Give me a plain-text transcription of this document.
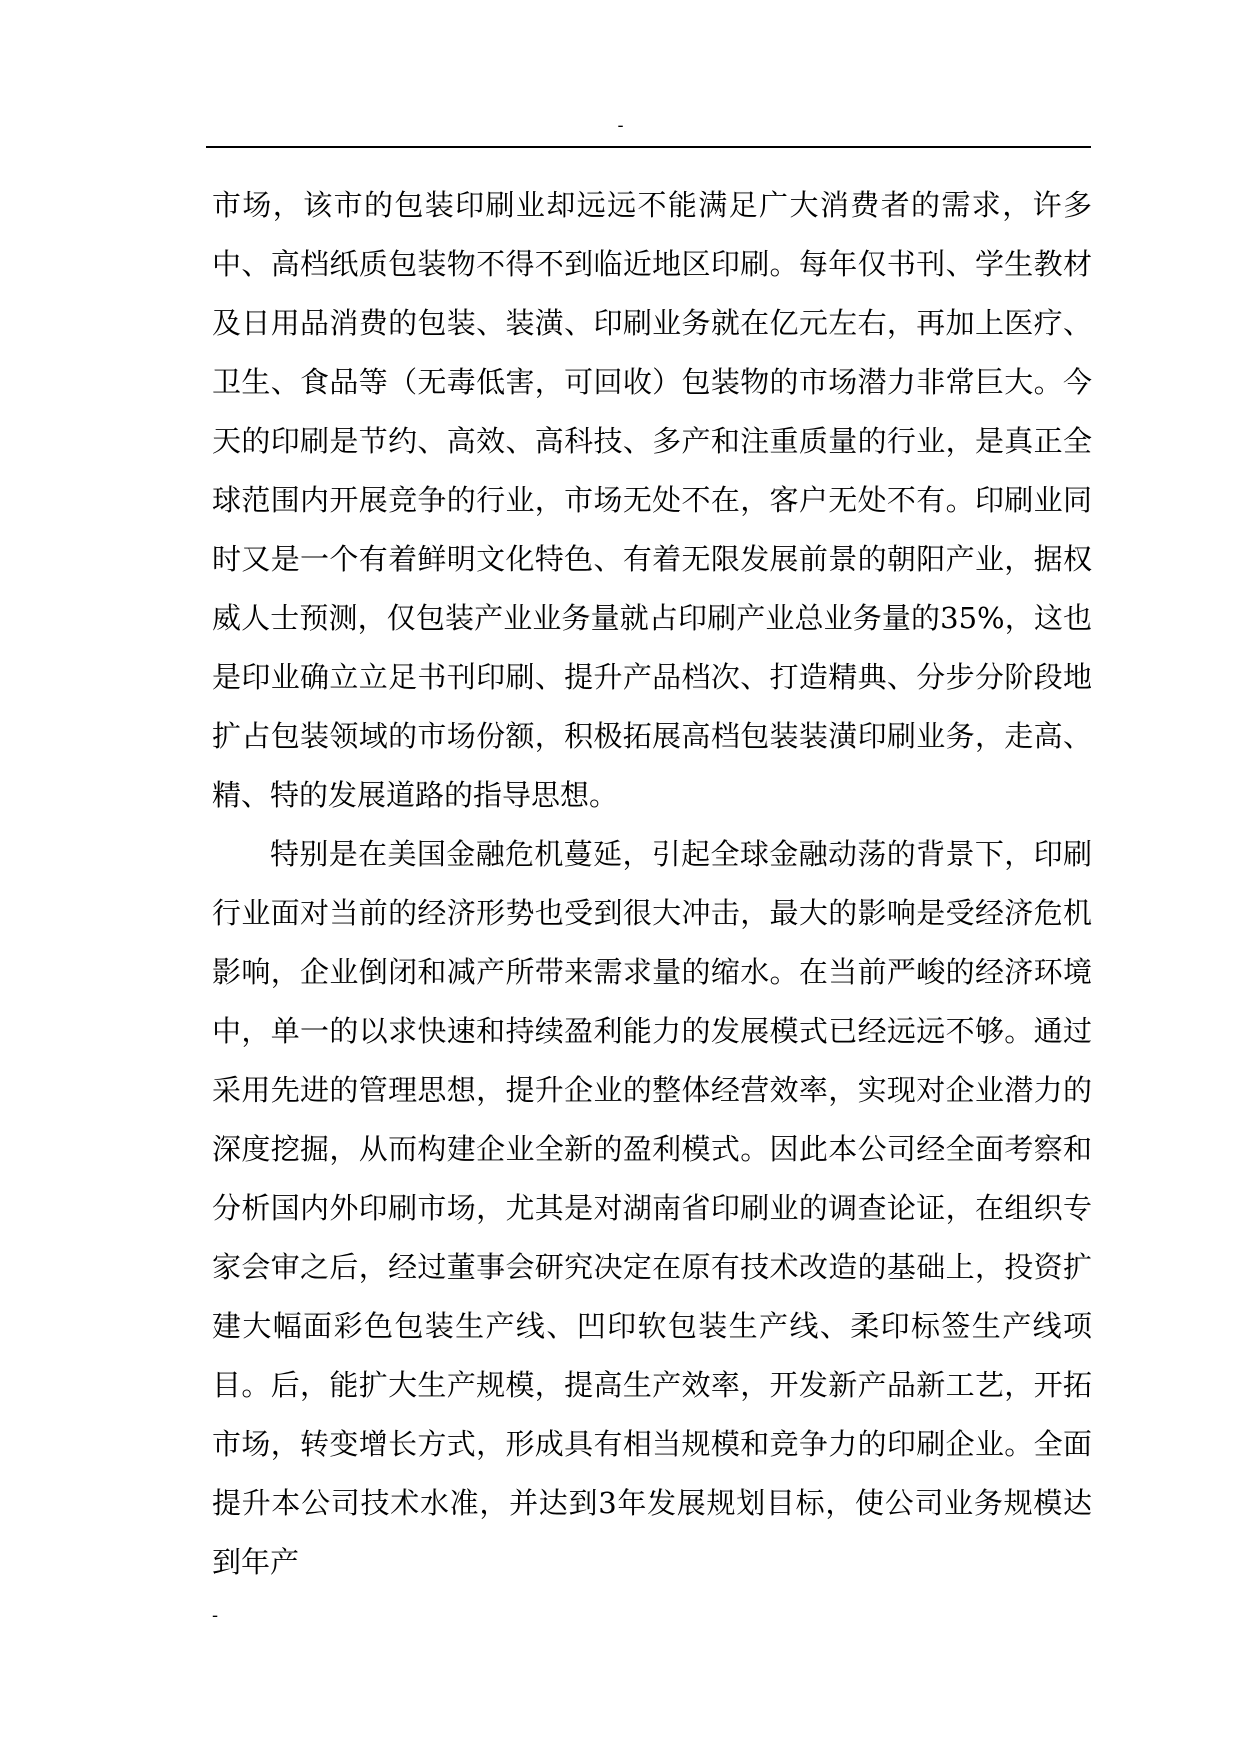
-

市场，该市的包装印刷业却远远不能满足广大消费者的需求，许多中、高档纸质包装物不得不到临近地区印刷。每年仅书刊、学生教材及日用品消费的包装、装潢、印刷业务就在亿元左右，再加上医疗、卫生、食品等（无毒低害，可回收）包装物的市场潜力非常巨大。今天的印刷是节约、高效、高科技、多产和注重质量的行业，是真正全球范围内开展竞争的行业，市场无处不在，客户无处不有。印刷业同时又是一个有着鲜明文化特色、有着无限发展前景的朝阳产业，据权威人士预测，仅包装产业业务量就占印刷产业总业务量的35%，这也是印业确立立足书刊印刷、提升产品档次、打造精典、分步分阶段地扩占包装领域的市场份额，积极拓展高档包装装潢印刷业务，走高、精、特的发展道路的指导思想。

特别是在美国金融危机蔓延，引起全球金融动荡的背景下，印刷行业面对当前的经济形势也受到很大冲击，最大的影响是受经济危机影响，企业倒闭和减产所带来需求量的缩水。在当前严峻的经济环境中，单一的以求快速和持续盈利能力的发展模式已经远远不够。通过采用先进的管理思想，提升企业的整体经营效率，实现对企业潜力的深度挖掘，从而构建企业全新的盈利模式。因此本公司经全面考察和分析国内外印刷市场，尤其是对湖南省印刷业的调查论证，在组织专家会审之后，经过董事会研究决定在原有技术改造的基础上，投资扩建大幅面彩色包装生产线、凹印软包装生产线、柔印标签生产线项目。后，能扩大生产规模，提高生产效率，开发新产品新工艺，开拓市场，转变增长方式，形成具有相当规模和竞争力的印刷企业。全面提升本公司技术水准，并达到3年发展规划目标，使公司业务规模达到年产

-
